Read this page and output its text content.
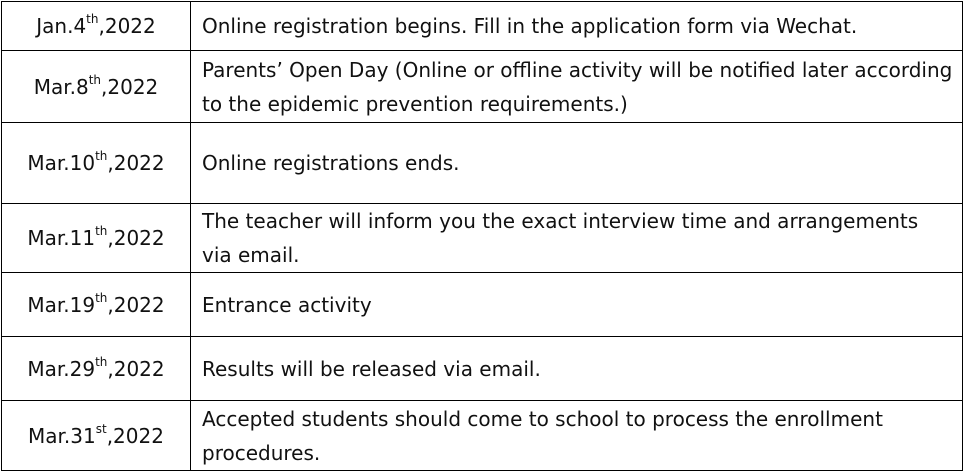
Jan.4th,2022	Online registration begins. Fill in the application form via Wechat.
Mar.8th,2022	Parents’ Open Day (Online or offline activity will be notified later according to the epidemic prevention requirements.)
Mar.10th,2022	Online registrations ends.
Mar.11th,2022	The teacher will inform you the exact interview time and arrangements via email.
Mar.19th,2022	Entrance activity
Mar.29th,2022	Results will be released via email.
Mar.31st,2022	Accepted students should come to school to process the enrollment procedures.
